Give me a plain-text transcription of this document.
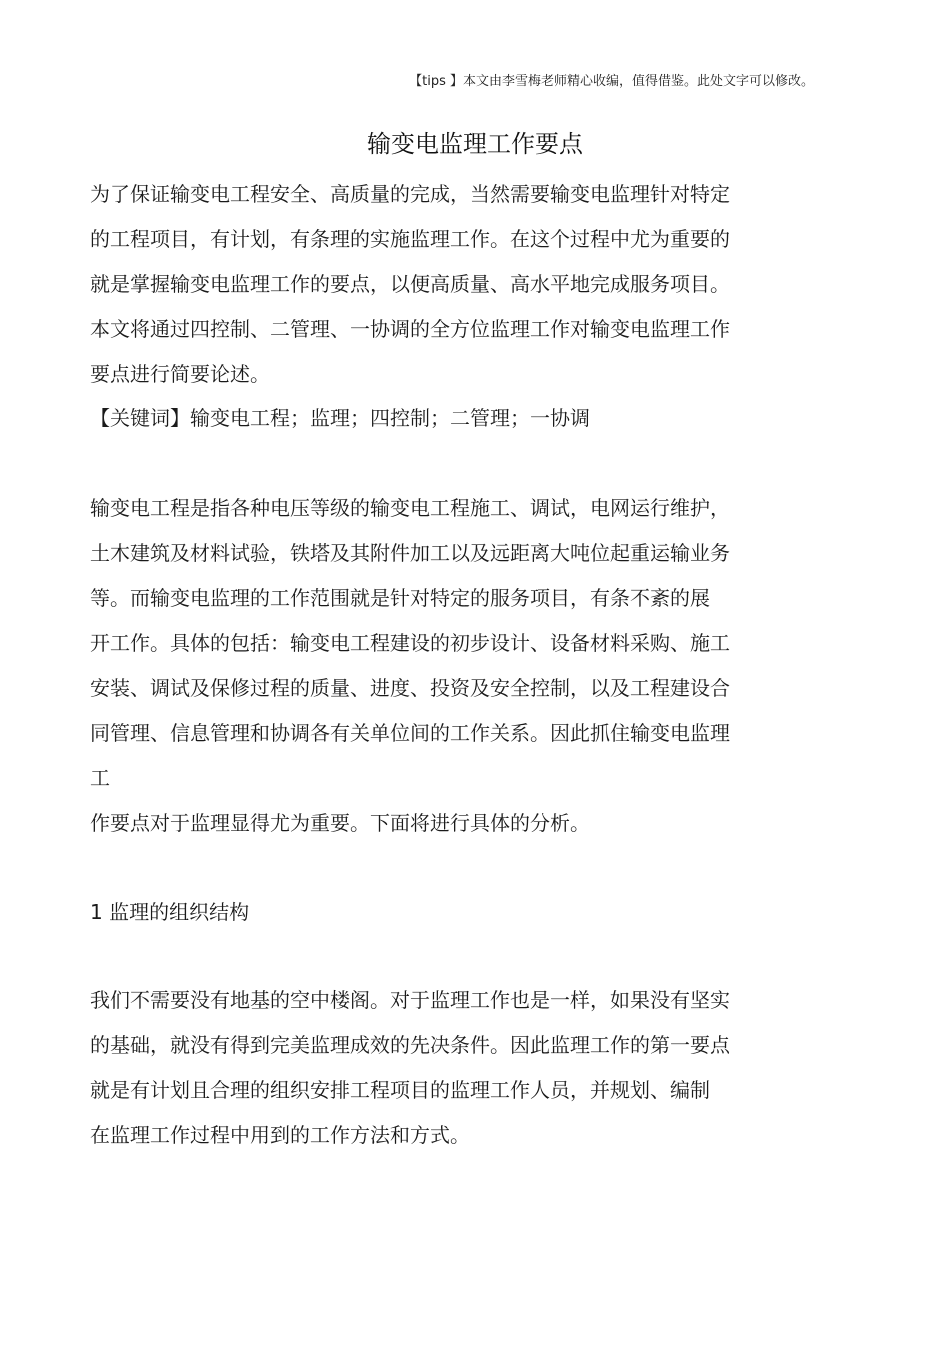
【tips 】本文由李雪梅老师精心收编，值得借鉴。此处文字可以修改。
输变电监理工作要点
为了保证输变电工程安全、高质量的完成，当然需要输变电监理针对特定
的工程项目，有计划，有条理的实施监理工作。在这个过程中尤为重要的
就是掌握输变电监理工作的要点，以便高质量、高水平地完成服务项目。
本文将通过四控制、二管理、一协调的全方位监理工作对输变电监理工作
要点进行简要论述。
【关键词】输变电工程；监理；四控制；二管理；一协调
输变电工程是指各种电压等级的输变电工程施工、调试，电网运行维护，
土木建筑及材料试验，铁塔及其附件加工以及远距离大吨位起重运输业务
等。而输变电监理的工作范围就是针对特定的服务项目，有条不紊的展
开工作。具体的包括：输变电工程建设的初步设计、设备材料采购、施工
安装、调试及保修过程的质量、进度、投资及安全控制，以及工程建设合
同管理、信息管理和协调各有关单位间的工作关系。因此抓住输变电监理
工
作要点对于监理显得尤为重要。下面将进行具体的分析。
1 监理的组织结构
我们不需要没有地基的空中楼阁。对于监理工作也是一样，如果没有坚实
的基础，就没有得到完美监理成效的先决条件。因此监理工作的第一要点
就是有计划且合理的组织安排工程项目的监理工作人员，并规划、编制
在监理工作过程中用到的工作方法和方式。
